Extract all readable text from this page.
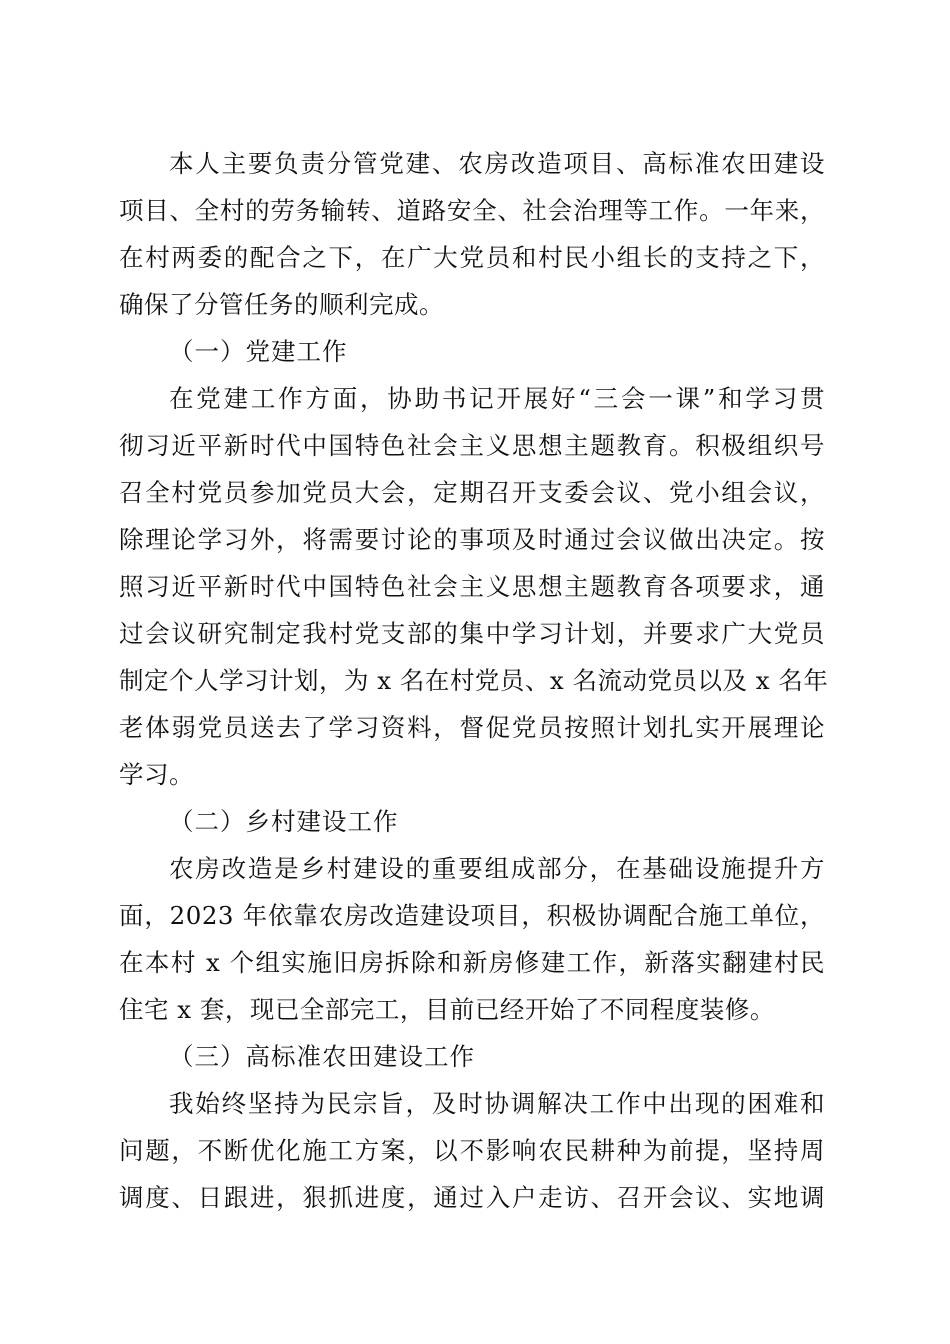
本人主要负责分管党建、农房改造项目、高标准农田建设
项目、全村的劳务输转、道路安全、社会治理等工作。一年来，
在村两委的配合之下，在广大党员和村民小组长的支持之下，
确保了分管任务的顺利完成。
（一）党建工作
在党建工作方面，协助书记开展好“三会一课”和学习贯
彻习近平新时代中国特色社会主义思想主题教育。积极组织号
召全村党员参加党员大会，定期召开支委会议、党小组会议，
除理论学习外，将需要讨论的事项及时通过会议做出决定。按
照习近平新时代中国特色社会主义思想主题教育各项要求，通
过会议研究制定我村党支部的集中学习计划，并要求广大党员
制定个人学习计划，为 x 名在村党员、x 名流动党员以及 x 名年
老体弱党员送去了学习资料，督促党员按照计划扎实开展理论
学习。
（二）乡村建设工作
农房改造是乡村建设的重要组成部分，在基础设施提升方
面，2023 年依靠农房改造建设项目，积极协调配合施工单位，
在本村 x 个组实施旧房拆除和新房修建工作，新落实翻建村民
住宅 x 套，现已全部完工，目前已经开始了不同程度装修。
（三）高标准农田建设工作
我始终坚持为民宗旨，及时协调解决工作中出现的困难和
问题，不断优化施工方案，以不影响农民耕种为前提，坚持周
调度、日跟进，狠抓进度，通过入户走访、召开会议、实地调
